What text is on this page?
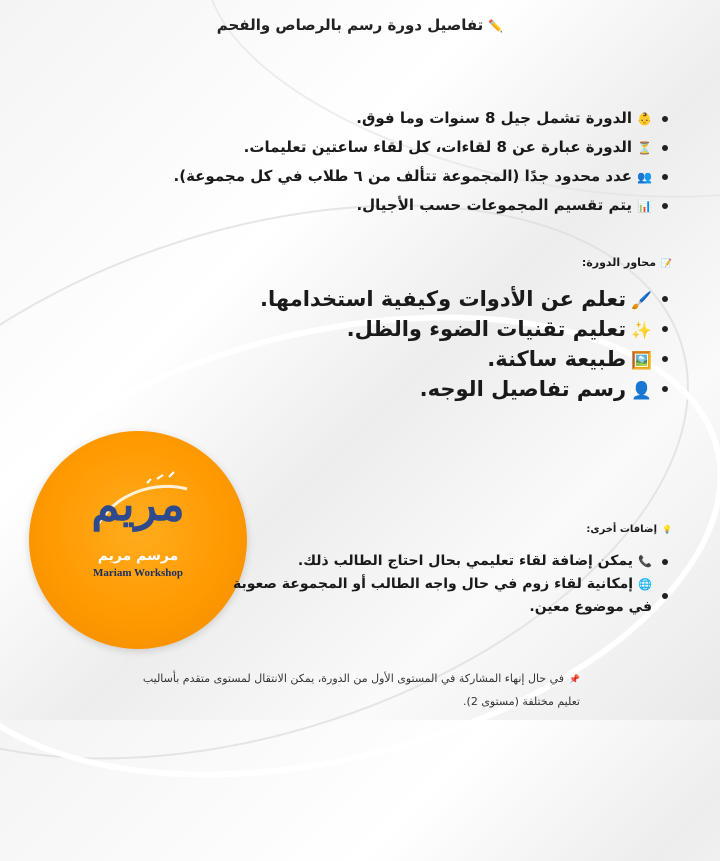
✏️تفاصيل دورة رسم بالرصاص والفحم
👶الدورة تشمل جيل 8 سنوات وما فوق.
⏳الدورة عبارة عن 8 لقاءات، كل لقاء ساعتين تعليمات.
👥عدد محدود جدًا (المجموعة تتألف من ٦ طلاب في كل مجموعة).
📊يتم تقسيم المجموعات حسب الأجيال.
📝محاور الدورة:
🖌️تعلم عن الأدوات وكيفية استخدامها.
✨تعليم تقنيات الضوء والظل.
🖼️طبيعة ساكنة.
👤رسم تفاصيل الوجه.
مريم
مرسم مريم
Mariam Workshop
💡إضافات أخرى:
📞يمكن إضافة لقاء تعليمي بحال احتاج الطالب ذلك.
🌐إمكانية لقاء زوم في حال واجه الطالب أو المجموعة صعوبة في موضوع معين.
📌في حال إنهاء المشاركة في المستوى الأول من الدورة، يمكن الانتقال لمستوى متقدم بأساليب تعليم مختلفة (مستوى 2).
